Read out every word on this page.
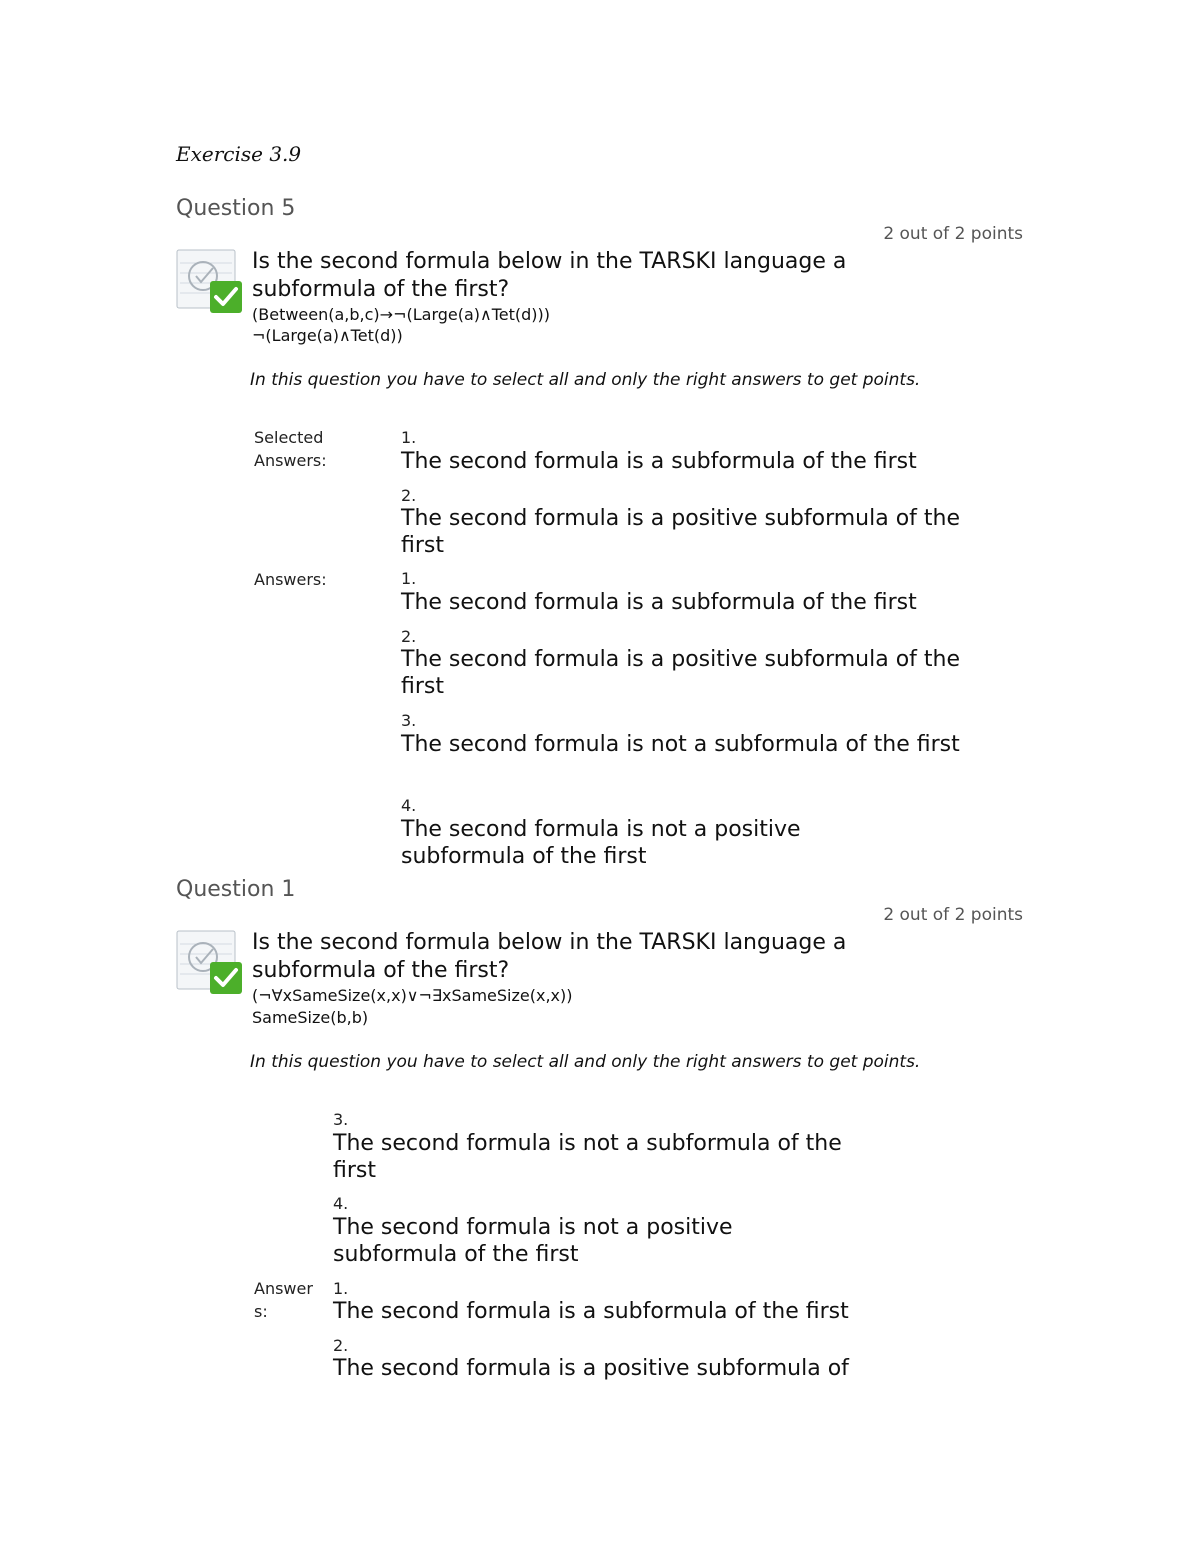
Exercise 3.9
Question 5
2 out of 2 points
Is the second formula below in the TARSKI language a subformula of the first?
(Between(a,b,c)→¬(Large(a)∧Tet(d)))
¬(Large(a)∧Tet(d))
In this question you have to select all and only the right answers to get points.
Selected
Answers:
1.
The second formula is a subformula of the first
2.
The second formula is a positive subformula of the first
Answers:	1.
The second formula is a subformula of the first
2.
The second formula is a positive subformula of the first
3.
The second formula is not a subformula of the first
4.
The second formula is not a positive subformula of the first
Question 1
2 out of 2 points
Is the second formula below in the TARSKI language a subformula of the first?
(¬∀xSameSize(x,x)∨¬∃xSameSize(x,x))
SameSize(b,b)
In this question you have to select all and only the right answers to get points.
3.
The second formula is not a subformula of the first
4.
The second formula is not a positive subformula of the first
Answer
s:
1.
The second formula is a subformula of the first
2.
The second formula is a positive subformula of
